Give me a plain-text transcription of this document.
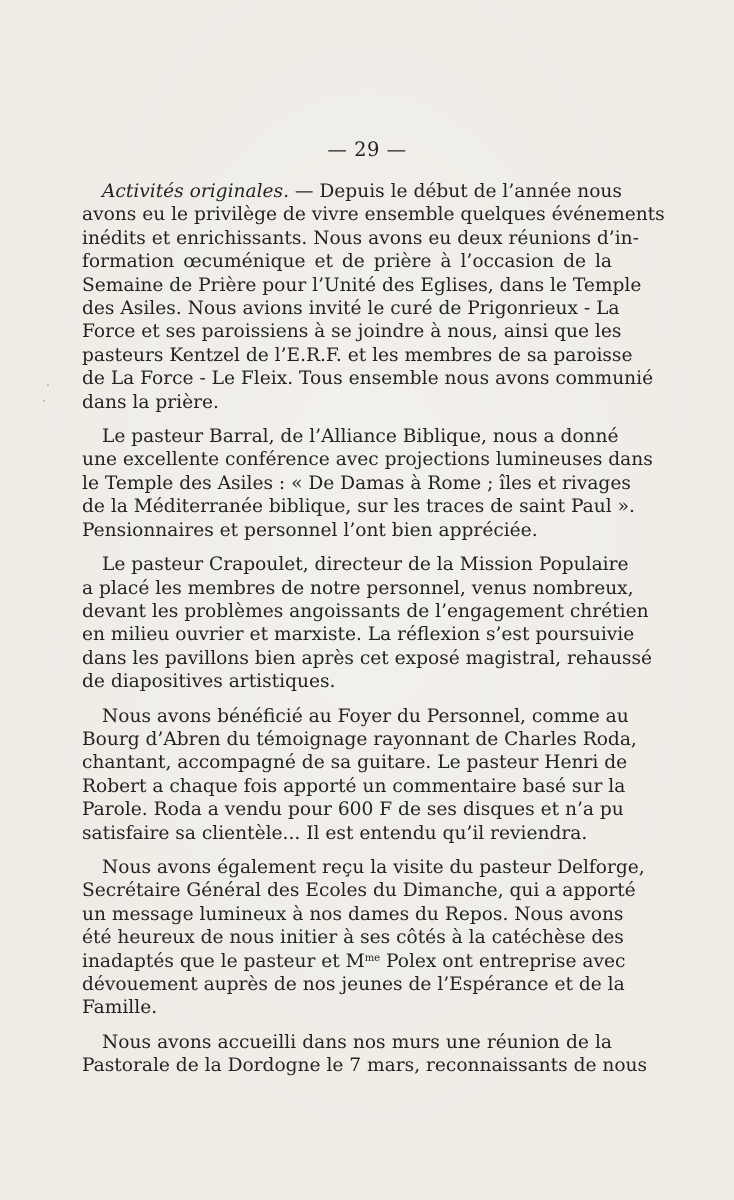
— 29 —
Activités originales. — Depuis le début de l’année nous
avons eu le privilège de vivre ensemble quelques événements
inédits et enrichissants. Nous avons eu deux réunions d’in-
formation œcuménique et de prière à l’occasion de la
Semaine de Prière pour l’Unité des Eglises, dans le Temple
des Asiles. Nous avions invité le curé de Prigonrieux - La
Force et ses paroissiens à se joindre à nous, ainsi que les
pasteurs Kentzel de l’E.R.F. et les membres de sa paroisse
de La Force - Le Fleix. Tous ensemble nous avons communié
dans la prière.
Le pasteur Barral, de l’Alliance Biblique, nous a donné
une excellente conférence avec projections lumineuses dans
le Temple des Asiles : « De Damas à Rome ; îles et rivages
de la Méditerranée biblique, sur les traces de saint Paul ».
Pensionnaires et personnel l’ont bien appréciée.
Le pasteur Crapoulet, directeur de la Mission Populaire
a placé les membres de notre personnel, venus nombreux,
devant les problèmes angoissants de l’engagement chrétien
en milieu ouvrier et marxiste. La réflexion s’est poursuivie
dans les pavillons bien après cet exposé magistral, rehaussé
de diapositives artistiques.
Nous avons bénéficié au Foyer du Personnel, comme au
Bourg d’Abren du témoignage rayonnant de Charles Roda,
chantant, accompagné de sa guitare. Le pasteur Henri de
Robert a chaque fois apporté un commentaire basé sur la
Parole. Roda a vendu pour 600 F de ses disques et n’a pu
satisfaire sa clientèle... Il est entendu qu’il reviendra.
Nous avons également reçu la visite du pasteur Delforge,
Secrétaire Général des Ecoles du Dimanche, qui a apporté
un message lumineux à nos dames du Repos. Nous avons
été heureux de nous initier à ses côtés à la catéchèse des
inadaptés que le pasteur et $M^{me}$ Polex ont entreprise avec
dévouement auprès de nos jeunes de l’Espérance et de la
Famille.
Nous avons accueilli dans nos murs une réunion de la
Pastorale de la Dordogne le 7 mars, reconnaissants de nous
